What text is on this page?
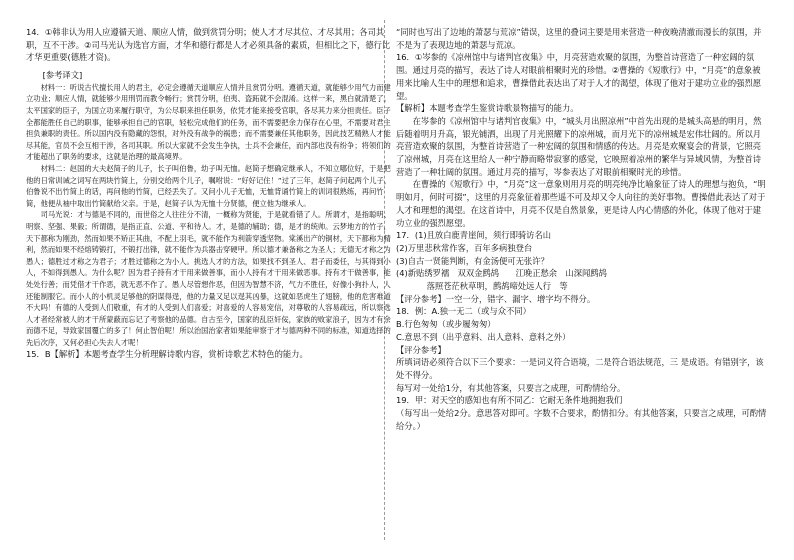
14．①韩非认为用人应遵循天道、顺应人情，做到赏罚分明；使人才才尽其位、才尽其用；各司其职，互不干涉。②司马光认为选官方面，才华和德行都是人才必须具备的素质，但相比之下，德行比才华更重要(德胜才资)。

[参考译文]

材料一：听说古代擅长用人的君主，必定会遵循天道顺应人情并且赏罚分明。遵循天道，就能够少用气力而建立功业；顺应人情，就能够少用刑罚而教令畅行；赏罚分明，伯夷、盗跖就不会混淆。这样一来，黑白就清楚了。太平国家的臣子，为国立功来履行职守，为公尽职来担任职务，依凭才能来接受官职，各尽其力来分担责任。臣子全都能胜任自己的职事，能够承担自己的官职，轻松完成他们的任务，而不需要把余力保存在心里，不需要对君主担负兼职的责任。所以国内没有隐藏的怨恨，对外没有战争的祸患；而不需要兼任其他职务，因此技艺精熟人才能尽其能，官员不会互相干涉，各司其职。所以大家就不会发生争执，士兵不会兼任，而内部也没有纷争；将领们的才能超出了职务的要求，这就是治理的最高境界。

材料二：赵国的大夫赵简子的儿子，长子叫伯鲁，幼子叫无恤。赵简子想确定继承人，不知立哪位好，于是把他的日常训诫之词写在两块竹简上，分别交给两个儿子，嘱咐说：“好好记住！”过了三年，赵简子问起两个儿子，伯鲁说不出竹简上的话，再问他的竹简，已经丢失了。又问小儿子无恤，无恤背诵竹简上的训词很熟练，再问竹简，他便从袖中取出竹简献给父亲。于是，赵简子认为无恤十分贤德，便立他为继承人。

司马光说：才与德是不同的，而世俗之人往往分不清，一概称为贤能，于是就看错了人。所谓才，是指聪明、明察、坚强、果毅；所谓德，是指正直、公道、平和待人。才，是德的辅助；德，是才的统帅。云梦地方的竹子，天下都称为刚劲，然而如果不矫正其曲，不配上羽毛，就不能作为利箭穿透坚物。棠溪出产的铜材，天下都称为精利，然而如果不经熔铸锻打，不锻打出锋，就不能作为兵器击穿硬甲。所以德才兼备称之为圣人；无德无才称之为愚人；德胜过才称之为君子；才胜过德称之为小人。挑选人才的方法，如果找不到圣人、君子而委任，与其得到小人，不如得到愚人。为什么呢？因为君子持有才干用来做善事，而小人持有才干用来做恶事。持有才干做善事，能处处行善；而凭借才干作恶，就无恶不作了。愚人尽管想作恶，但因为智慧不济，气力不胜任，好像小狗扑人，人还能制服它。而小人的小机灵足够他的阴谋得逞，他的力量又足以逞其凶暴，这就如恶虎生了翅膀，他的危害难道不大吗！有德的人受到人们敬重，有才的人受到人们喜爱；对喜爱的人容易宠信，对尊敬的人容易疏远，所以察选人才者经常被人的才干所蒙蔽而忘记了考察他的品德。自古至今，国家的乱臣奸佞，家族的败家浪子，因为才有余而德不足，导致家国覆亡的多了！何止智伯呢！所以治国治家者如果能审察于才与德两种不同的标准，知道选择的先后次序，又何必担心失去人才呢！

15．B【解析】本题考查学生分析理解诗歌内容，赏析诗歌艺术特色的能力。

“同时也写出了边地的萧瑟与荒凉”错误，这里的叠词主要是用来营造一种夜晚清澈而漫长的氛围，并不是为了表现边地的萧瑟与荒凉。

16．①岑参的《凉州馆中与诸判官夜集》中，月亮营造欢聚的氛围，为整首诗营造了一种宏阔的氛围。通过月亮的描写，表达了诗人对眼前相聚时光的珍惜。②曹操的《短歌行》中，“月亮”的意象被用来比喻人生中的理想和追求，曹操借此表达出了对于人才的渴望，体现了他对于建功立业的强烈愿望。

【解析】本题考查学生鉴赏诗歌景物描写的能力。

在岑参的《凉州馆中与诸判官夜集》中，“城头月出照凉州”中首先出现的是城头高悬的明月，然后随着明月升高，银光铺洒，出现了月光照耀下的凉州城，而月光下的凉州城是宏伟壮阔的。所以月亮营造欢聚的氛围，为整首诗营造了一种宏阔的氛围和情感的传达。月亮是欢聚宴会的背景，它照亮了凉州城，月亮在这里给人一种宁静而略带寂寥的感觉，它映照着凉州的繁华与异域风情，为整首诗营造了一种壮阔的氛围。通过月亮的描写，岑参表达了对眼前相聚时光的珍惜。

在曹操的《短歌行》中，“月亮”这一意象则用月亮的明亮纯净比喻象征了诗人的理想与抱负，“明明如月，何时可掇”，这里的月亮象征着那些遥不可及却又令人向往的美好事物。曹操借此表达了对于人才和理想的渴望。在这首诗中，月亮不仅是自然景象，更是诗人内心情感的外化，体现了他对于建功立业的强烈愿望。

17．(1)且放白鹿青崖间，须行即骑访名山

(2)万里悲秋常作客，百年多病独登台

(3)自古一贤能判断，有金汤便可无张许？

(4)新贴绣罗襦　双双金鹧鸪　　江晚正愁余　山深闻鹧鸪

　　落照苍茫秋草明，鹧鸪啼处远人行　等

【评分参考】一空一分，错字、漏字、增字均不得分。

18．例：A.独一无二（或与众不同）

B.行色匆匆（或步履匆匆）

C.意思不到（出乎意料、出人意料、意料之外）

【评分参考】

所填词语必须符合以下三个要求：一是词义符合语境，二是符合语法规范，三 是成语。有错别字，该处不得分。

每写对一处给1分，有其他答案，只要言之成理，可酌情给分。

19．甲：对天空的感知也有所不同乙：它耐无条件地拥抱我们

（每写出一处给2分。意思答对即可。字数不合要求，酌情扣分。有其他答案，只要言之成理，可酌情给分。）
